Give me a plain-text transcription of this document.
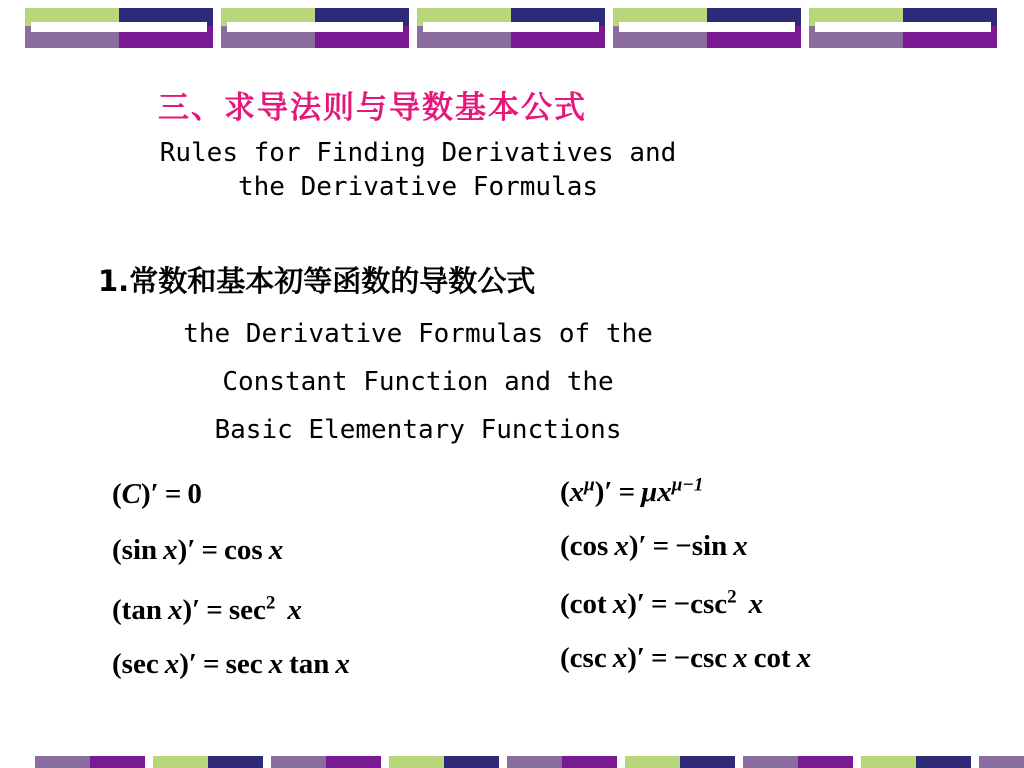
三、求导法则与导数基本公式
Rules for Finding Derivatives and
the Derivative Formulas
1.常数和基本初等函数的导数公式
the Derivative Formulas of the
Constant Function and the
Basic Elementary Functions
(C)′ = 0
(sin x)′ = cos x
(tan $x)' = \sec^2 x$
(sec x)′ = sec x tan x
$(x^\mu)' = \mu x^{\mu-1}$
(cos x)′ = −sin x
(cot $x)' = -\csc^2$ x
(csc x)′ = −csc x cot x
